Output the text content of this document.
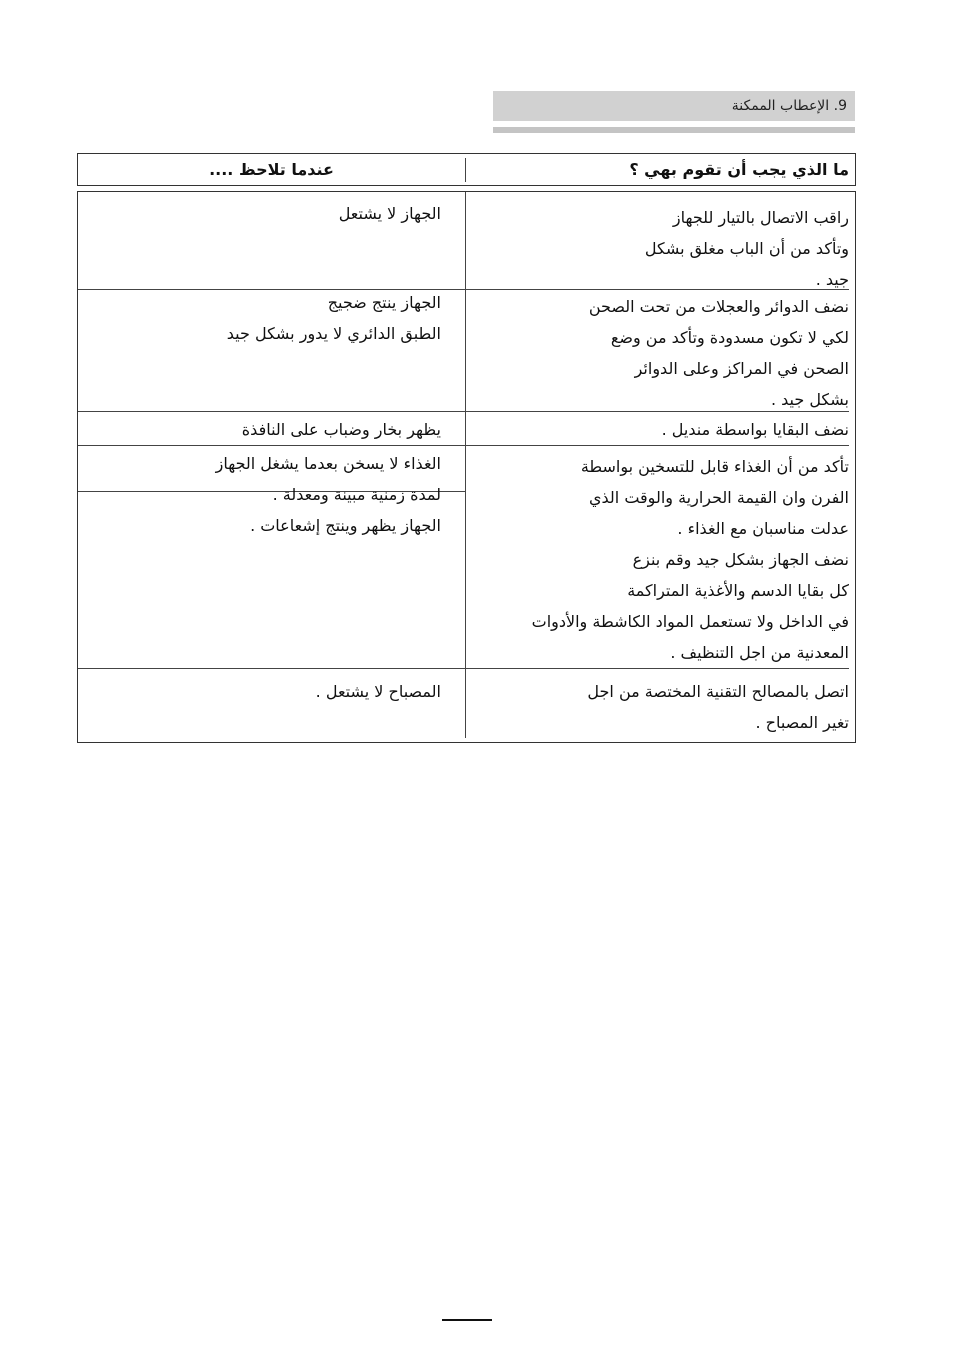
9. الإعطاب الممكنة
ما الذي يجب أن تقوم بهي ؟
عندما تلاحظ ....
راقب الاتصال بالتيار للجهاز
وتأكد من أن الباب مغلق بشكل
جيد .
الجهاز لا يشتعل
نضف الدوائر والعجلات من تحت الصحن
لكي لا تكون مسدودة وتأكد من وضع
الصحن في المراكز وعلى الدوائر
بشكل جيد .
الجهاز ينتج ضجيج
الطبق الدائري لا يدور بشكل جيد
نضف البقايا بواسطة منديل .
يظهر بخار وضباب على النافذة
تأكد من أن الغذاء قابل للتسخين بواسطة
الفرن وان القيمة الحرارية والوقت الذي
عدلت مناسبان مع الغذاء .
نضف الجهاز بشكل جيد وقم بنزع
كل بقايا الدسم والأغذية المتراكمة
في الداخل ولا تستعمل المواد الكاشطة والأدوات
المعدنية من اجل التنظيف .
الغذاء لا يسخن بعدما يشغل الجهاز
لمدة زمنية مبينة ومعدلة .
الجهاز يظهر وينتج إشعاعات .
اتصل بالمصالح التقنية المختصة من اجل
تغير المصباح .
المصباح لا يشتعل .
